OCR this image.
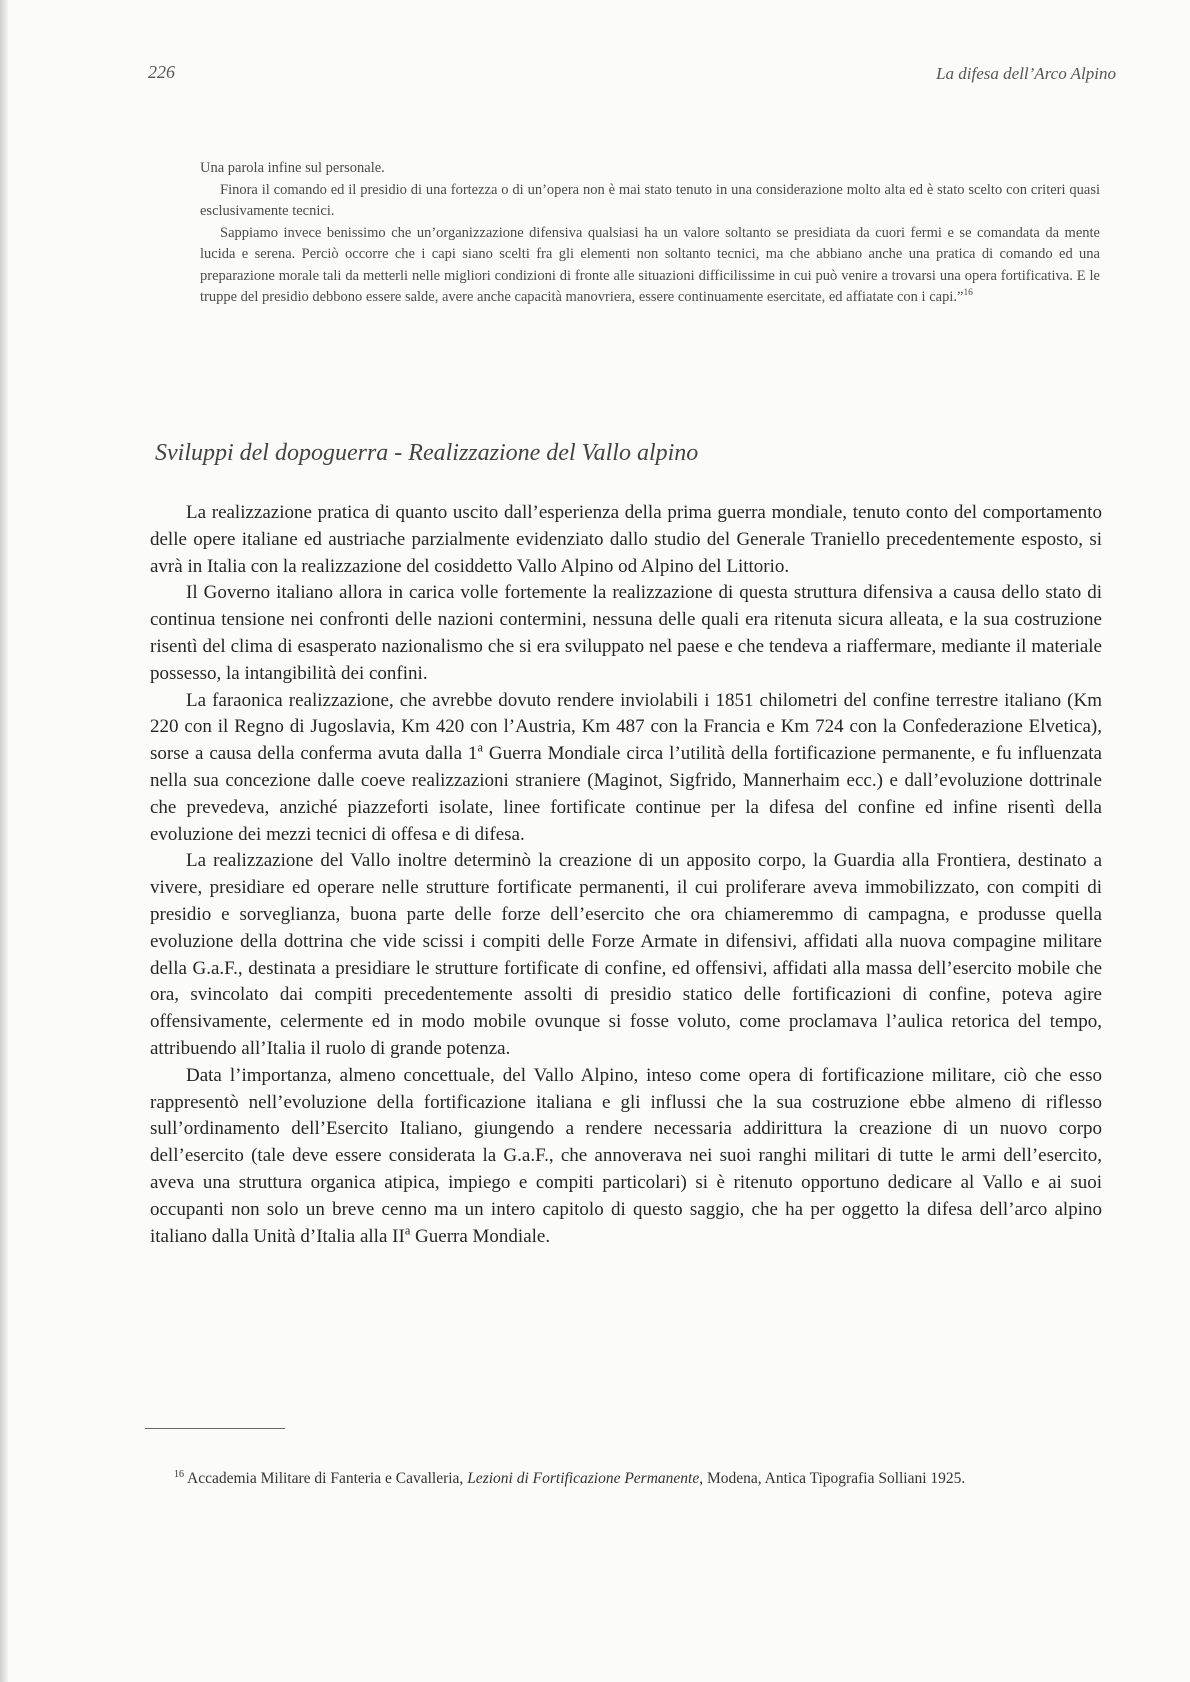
226	La difesa dell’Arco Alpino

Una parola infine sul personale.

Finora il comando ed il presidio di una fortezza o di un’opera non è mai stato tenuto in una considerazione molto alta ed è stato scelto con criteri quasi esclusivamente tecnici.

Sappiamo invece benissimo che un’organizzazione difensiva qualsiasi ha un valore soltanto se presidiata da cuori fermi e se comandata da mente lucida e serena. Perciò occorre che i capi siano scelti fra gli elementi non soltanto tecnici, ma che abbiano anche una pratica di comando ed una preparazione morale tali da metterli nelle migliori condizioni di fronte alle situazioni difficilissime in cui può venire a trovarsi una opera fortificativa. E le truppe del presidio debbono essere salde, avere anche capacità manovriera, essere continuamente esercitate, ed affiatate con i capi.”$^{16}$

Sviluppi del dopoguerra - Realizzazione del Vallo alpino

La realizzazione pratica di quanto uscito dall’esperienza della prima guerra mondiale, tenuto conto del comportamento delle opere italiane ed austriache parzialmente evidenziato dallo studio del Generale Traniello precedentemente esposto, si avrà in Italia con la realizzazione del cosiddetto Vallo Alpino od Alpino del Littorio.

Il Governo italiano allora in carica volle fortemente la realizzazione di questa struttura difensiva a causa dello stato di continua tensione nei confronti delle nazioni contermini, nessuna delle quali era ritenuta sicura alleata, e la sua costruzione risentì del clima di esasperato nazionalismo che si era sviluppato nel paese e che tendeva a riaffermare, mediante il materiale possesso, la intangibilità dei confini.

La faraonica realizzazione, che avrebbe dovuto rendere inviolabili i 1851 chilometri del confine terrestre italiano (Km 220 con il Regno di Jugoslavia, Km 420 con l’Austria, Km 487 con la Francia e Km 724 con la Confederazione Elvetica), sorse a causa della conferma avuta dalla 1$^a$ Guerra Mondiale circa l’utilità della fortificazione permanente, e fu influenzata nella sua concezione dalle coeve realizzazioni straniere (Maginot, Sigfrido, Mannerhaim ecc.) e dall’evoluzione dottrinale che prevedeva, anziché piazzeforti isolate, linee fortificate continue per la difesa del confine ed infine risentì della evoluzione dei mezzi tecnici di offesa e di difesa.

La realizzazione del Vallo inoltre determinò la creazione di un apposito corpo, la Guardia alla Frontiera, destinato a vivere, presidiare ed operare nelle strutture fortificate permanenti, il cui proliferare aveva immobilizzato, con compiti di presidio e sorveglianza, buona parte delle forze dell’esercito che ora chiameremmo di campagna, e produsse quella evoluzione della dottrina che vide scissi i compiti delle Forze Armate in difensivi, affidati alla nuova compagine militare della G.a.F., destinata a presidiare le strutture fortificate di confine, ed offensivi, affidati alla massa dell’esercito mobile che ora, svincolato dai compiti precedentemente assolti di presidio statico delle fortificazioni di confine, poteva agire offensivamente, celermente ed in modo mobile ovunque si fosse voluto, come proclamava l’aulica retorica del tempo, attribuendo all’Italia il ruolo di grande potenza.

Data l’importanza, almeno concettuale, del Vallo Alpino, inteso come opera di fortificazione militare, ciò che esso rappresentò nell’evoluzione della fortificazione italiana e gli influssi che la sua costruzione ebbe almeno di riflesso sull’ordinamento dell’Esercito Italiano, giungendo a rendere necessaria addirittura la creazione di un nuovo corpo dell’esercito (tale deve essere considerata la G.a.F., che annoverava nei suoi ranghi militari di tutte le armi dell’esercito, aveva una struttura organica atipica, impiego e compiti particolari) si è ritenuto opportuno dedicare al Vallo e ai suoi occupanti non solo un breve cenno ma un intero capitolo di questo saggio, che ha per oggetto la difesa dell’arco alpino italiano dalla Unità d’Italia alla $II^a$ Guerra Mondiale.

$^{16}$ Accademia Militare di Fanteria e Cavalleria, Lezioni di Fortificazione Permanente, Modena, Antica Tipografia Solliani 1925.
